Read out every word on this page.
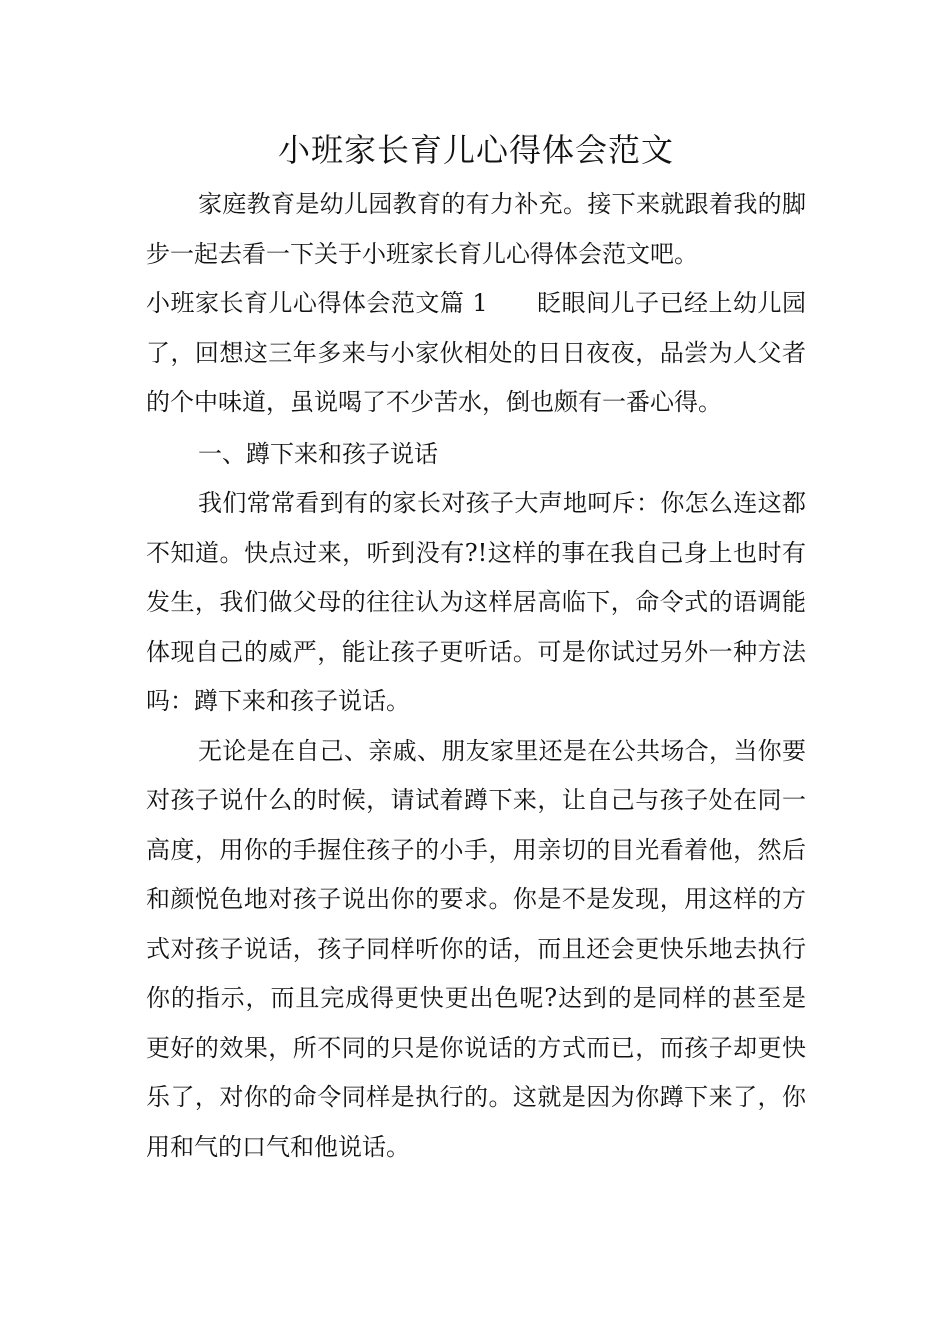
小班家长育儿心得体会范文

家庭教育是幼儿园教育的有力补充。接下来就跟着我的脚步一起去看一下关于小班家长育儿心得体会范文吧。

小班家长育儿心得体会范文篇 1　　眨眼间儿子已经上幼儿园了，回想这三年多来与小家伙相处的日日夜夜，品尝为人父者的个中味道，虽说喝了不少苦水，倒也颇有一番心得。

一、蹲下来和孩子说话

我们常常看到有的家长对孩子大声地呵斥：你怎么连这都不知道。快点过来，听到没有?!这样的事在我自己身上也时有发生，我们做父母的往往认为这样居高临下，命令式的语调能体现自己的威严，能让孩子更听话。可是你试过另外一种方法吗：蹲下来和孩子说话。

无论是在自己、亲戚、朋友家里还是在公共场合，当你要对孩子说什么的时候，请试着蹲下来，让自己与孩子处在同一高度，用你的手握住孩子的小手，用亲切的目光看着他，然后和颜悦色地对孩子说出你的要求。你是不是发现，用这样的方式对孩子说话，孩子同样听你的话，而且还会更快乐地去执行你的指示，而且完成得更快更出色呢?达到的是同样的甚至是更好的效果，所不同的只是你说话的方式而已，而孩子却更快乐了，对你的命令同样是执行的。这就是因为你蹲下来了，你用和气的口气和他说话。
